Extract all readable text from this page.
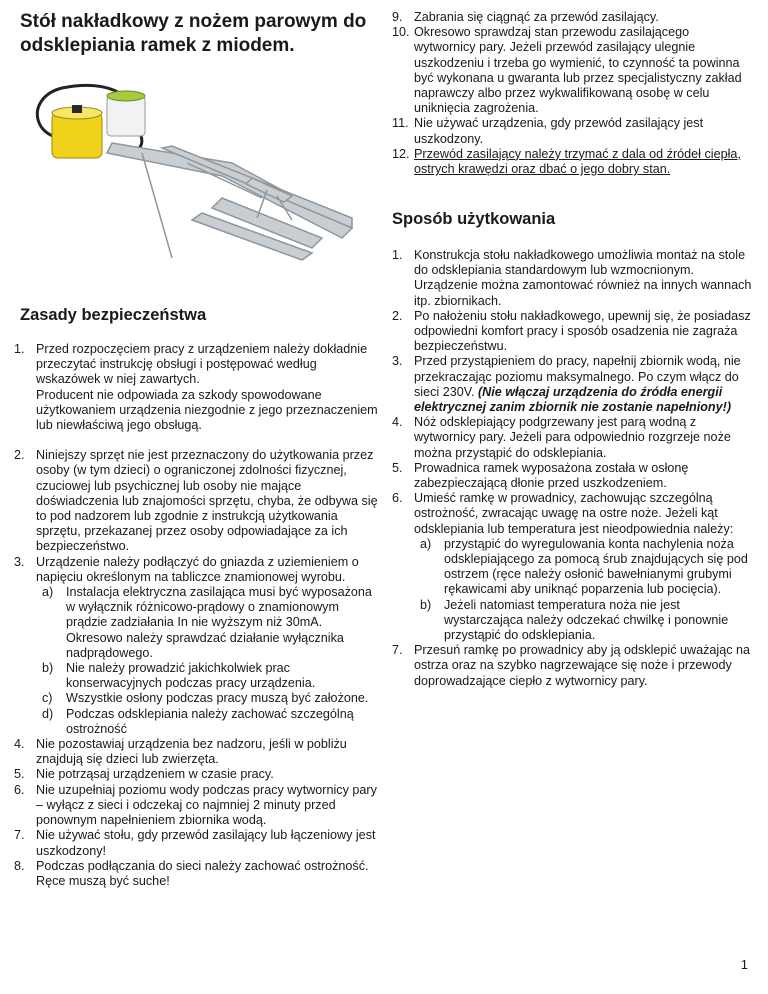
Stół nakładkowy z nożem parowym do odsklepiania ramek z miodem.
Zasady bezpieczeństwa
1. Przed rozpoczęciem pracy z urządzeniem należy dokładnie przeczytać instrukcję obsługi i postępować według wskazówek w niej zawartych.
Producent nie odpowiada za szkody spowodowane użytkowaniem urządzenia niezgodnie z jego przeznaczeniem lub niewłaściwą jego obsługą.
2. Niniejszy sprzęt nie jest przeznaczony do użytkowania przez osoby (w tym dzieci) o ograniczonej zdolności fizycznej, czuciowej lub psychicznej lub osoby nie mające doświadczenia lub znajomości sprzętu, chyba, że odbywa się to pod nadzorem lub zgodnie z instrukcją użytkowania sprzętu, przekazanej przez osoby odpowiadające za ich bezpieczeństwo.
3. Urządzenie należy podłączyć do gniazda z uziemieniem o napięciu określonym na tabliczce znamionowej wyrobu.
a) Instalacja elektryczna zasilająca musi być wyposażona w wyłącznik różnicowo-prądowy o znamionowym prądzie zadziałania In nie wyższym niż 30mA. Okresowo należy sprawdzać działanie wyłącznika nadprądowego.
b) Nie należy prowadzić jakichkolwiek prac konserwacyjnych podczas pracy urządzenia.
c) Wszystkie osłony podczas pracy muszą być założone.
d) Podczas odsklepiania należy zachować szczególną ostrożność
4. Nie pozostawiaj urządzenia bez nadzoru, jeśli w pobliżu znajdują się dzieci lub zwierzęta.
5. Nie potrząsaj urządzeniem w czasie pracy.
6. Nie uzupełniaj poziomu wody podczas pracy wytwornicy pary – wyłącz z sieci i odczekaj co najmniej 2 minuty przed ponownym napełnieniem zbiornika wodą.
7. Nie używać stołu, gdy przewód zasilający lub łączeniowy jest uszkodzony!
8. Podczas podłączania do sieci należy zachować ostrożność. Ręce muszą być suche!
9. Zabrania się ciągnąć za przewód zasilający.
10. Okresowo sprawdzaj stan przewodu zasilającego wytwornicy pary. Jeżeli przewód zasilający ulegnie uszkodzeniu i trzeba go wymienić, to czynność ta powinna być wykonana u gwaranta lub przez specjalistyczny zakład naprawczy albo przez wykwalifikowaną osobę w celu uniknięcia zagrożenia.
11. Nie używać urządzenia, gdy przewód zasilający jest uszkodzony.
12. Przewód zasilający należy trzymać z dala od źródeł ciepła, ostrych krawędzi oraz dbać o jego dobry stan.
Sposób użytkowania
1. Konstrukcja stołu nakładkowego umożliwia montaż na stole do odsklepiania standardowym lub wzmocnionym. Urządzenie można zamontować również na innych wannach itp. zbiornikach.
2. Po nałożeniu stołu nakładkowego, upewnij się, że posiadasz odpowiedni komfort pracy i sposób osadzenia nie zagraża bezpieczeństwu.
3. Przed przystąpieniem do pracy, napełnij zbiornik wodą, nie przekraczając poziomu maksymalnego. Po czym włącz do sieci 230V. (Nie włączaj urządzenia do źródła energii elektrycznej zanim zbiornik nie zostanie napełniony!)
4. Nóż odsklepiający podgrzewany jest parą wodną z wytwornicy pary. Jeżeli para odpowiednio rozgrzeje noże można przystąpić do odsklepiania.
5. Prowadnica ramek wyposażona została w osłonę zabezpieczającą dłonie przed uszkodzeniem.
6. Umieść ramkę w prowadnicy, zachowując szczególną ostrożność, zwracając uwagę na ostre noże. Jeżeli kąt odsklepiania lub temperatura jest nieodpowiednia należy:
a) przystąpić do wyregulowania konta nachylenia noża odsklepiającego za pomocą śrub znajdujących się pod ostrzem (ręce należy osłonić bawełnianymi grubymi rękawicami aby uniknąć poparzenia lub pocięcia).
b) Jeżeli natomiast temperatura noża nie jest wystarczająca należy odczekać chwilkę i ponownie przystąpić do odsklepiania.
7. Przesuń ramkę po prowadnicy aby ją odsklepić uważając na ostrza oraz na szybko nagrzewające się noże i przewody doprowadzające ciepło z wytwornicy pary.
1
